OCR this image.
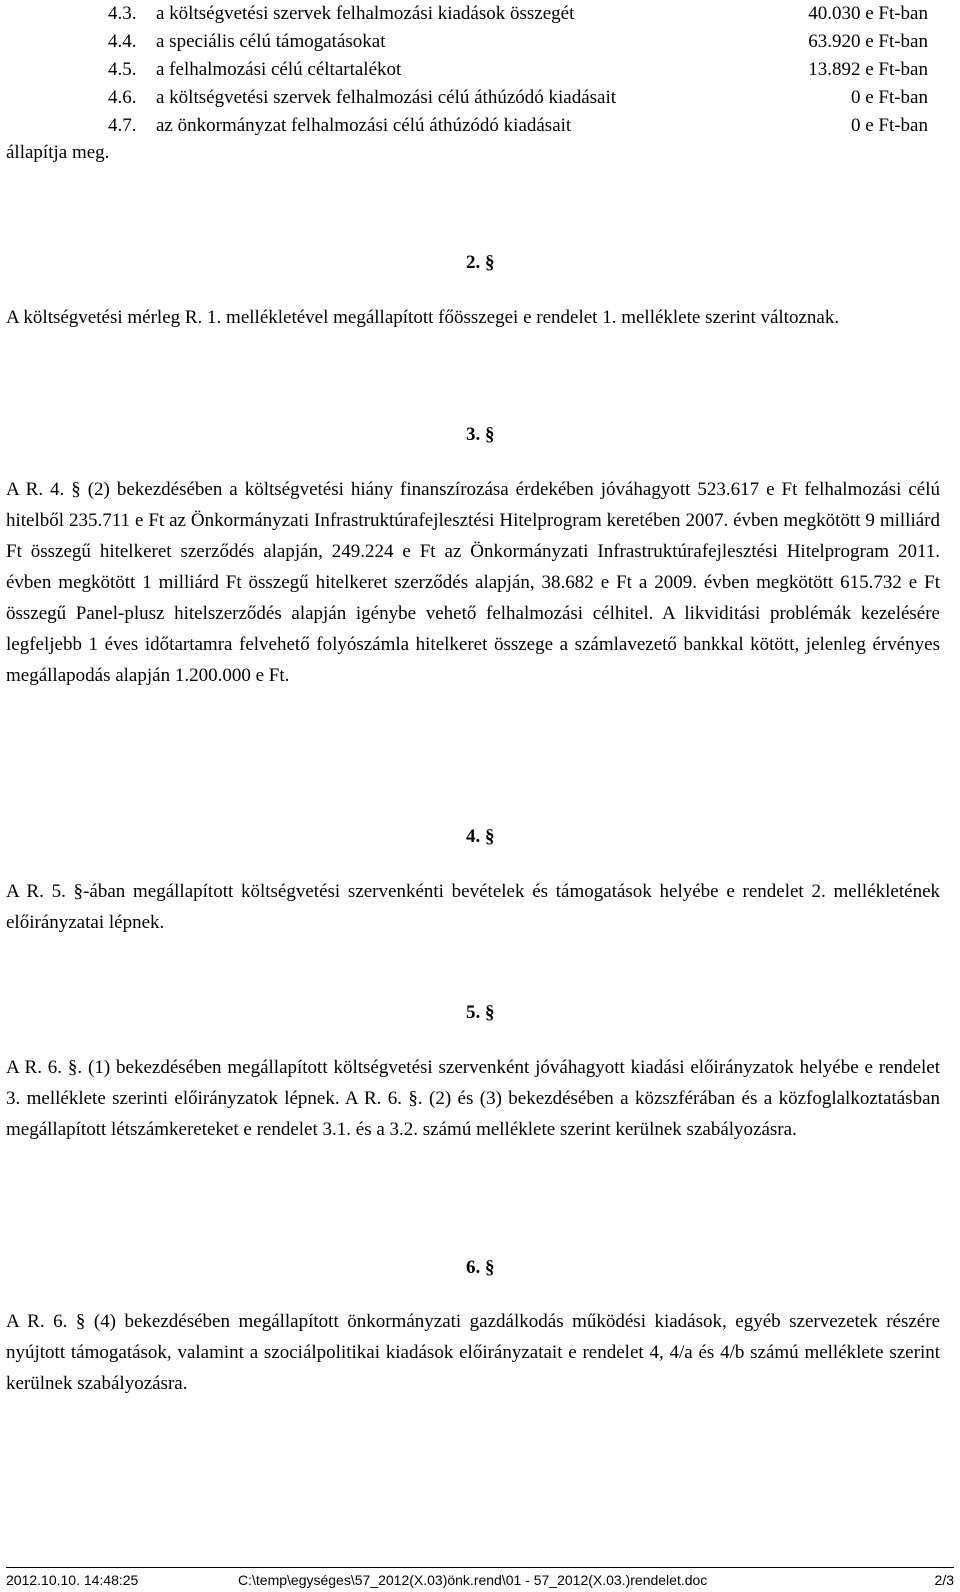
4.3. a költségvetési szervek felhalmozási kiadások összegét	40.030 e Ft-ban
4.4. a speciális célú támogatásokat	63.920 e Ft-ban
4.5. a felhalmozási célú céltartalékot	13.892 e Ft-ban
4.6. a költségvetési szervek felhalmozási célú áthúzódó kiadásait	0 e Ft-ban
4.7. az önkormányzat felhalmozási célú áthúzódó kiadásait	0 e Ft-ban
állapítja meg.
2. §
A költségvetési mérleg R. 1. mellékletével megállapított főösszegei e rendelet 1. melléklete szerint változnak.
3. §
A R. 4. § (2) bekezdésében a költségvetési hiány finanszírozása érdekében jóváhagyott 523.617 e Ft felhalmozási célú hitelből 235.711 e Ft az Önkormányzati Infrastruktúrafejlesztési Hitelprogram keretében 2007. évben megkötött 9 milliárd Ft összegű hitelkeret szerződés alapján, 249.224 e Ft az Önkormányzati Infrastruktúrafejlesztési Hitelprogram 2011. évben megkötött 1 milliárd Ft összegű hitelkeret szerződés alapján, 38.682 e Ft a 2009. évben megkötött 615.732 e Ft összegű Panel-plusz hitelszerződés alapján igénybe vehető felhalmozási célhitel. A likviditási problémák kezelésére legfeljebb 1 éves időtartamra felvehető folyószámla hitelkeret összege a számlavezető bankkal kötött, jelenleg érvényes megállapodás alapján 1.200.000 e Ft.
4. §
A R. 5. §-ában megállapított költségvetési szervenkénti bevételek és támogatások helyébe e rendelet 2. mellékletének előirányzatai lépnek.
5. §
A R. 6. §. (1) bekezdésében megállapított költségvetési szervenként jóváhagyott kiadási előirányzatok helyébe e rendelet 3. melléklete szerinti előirányzatok lépnek. A R. 6. §. (2) és (3) bekezdésében a közszférában és a közfoglalkoztatásban megállapított létszámkereteket e rendelet 3.1. és a 3.2. számú melléklete szerint kerülnek szabályozásra.
6. §
A R. 6. § (4) bekezdésében megállapított önkormányzati gazdálkodás működési kiadások, egyéb szervezetek részére nyújtott támogatások, valamint a szociálpolitikai kiadások előirányzatait e rendelet 4, 4/a és 4/b számú melléklete szerint kerülnek szabályozásra.
2012.10.10. 14:48:25	C:\temp\egységes\57_2012(X.03)önk.rend\01 - 57_2012(X.03.)rendelet.doc	2/3
